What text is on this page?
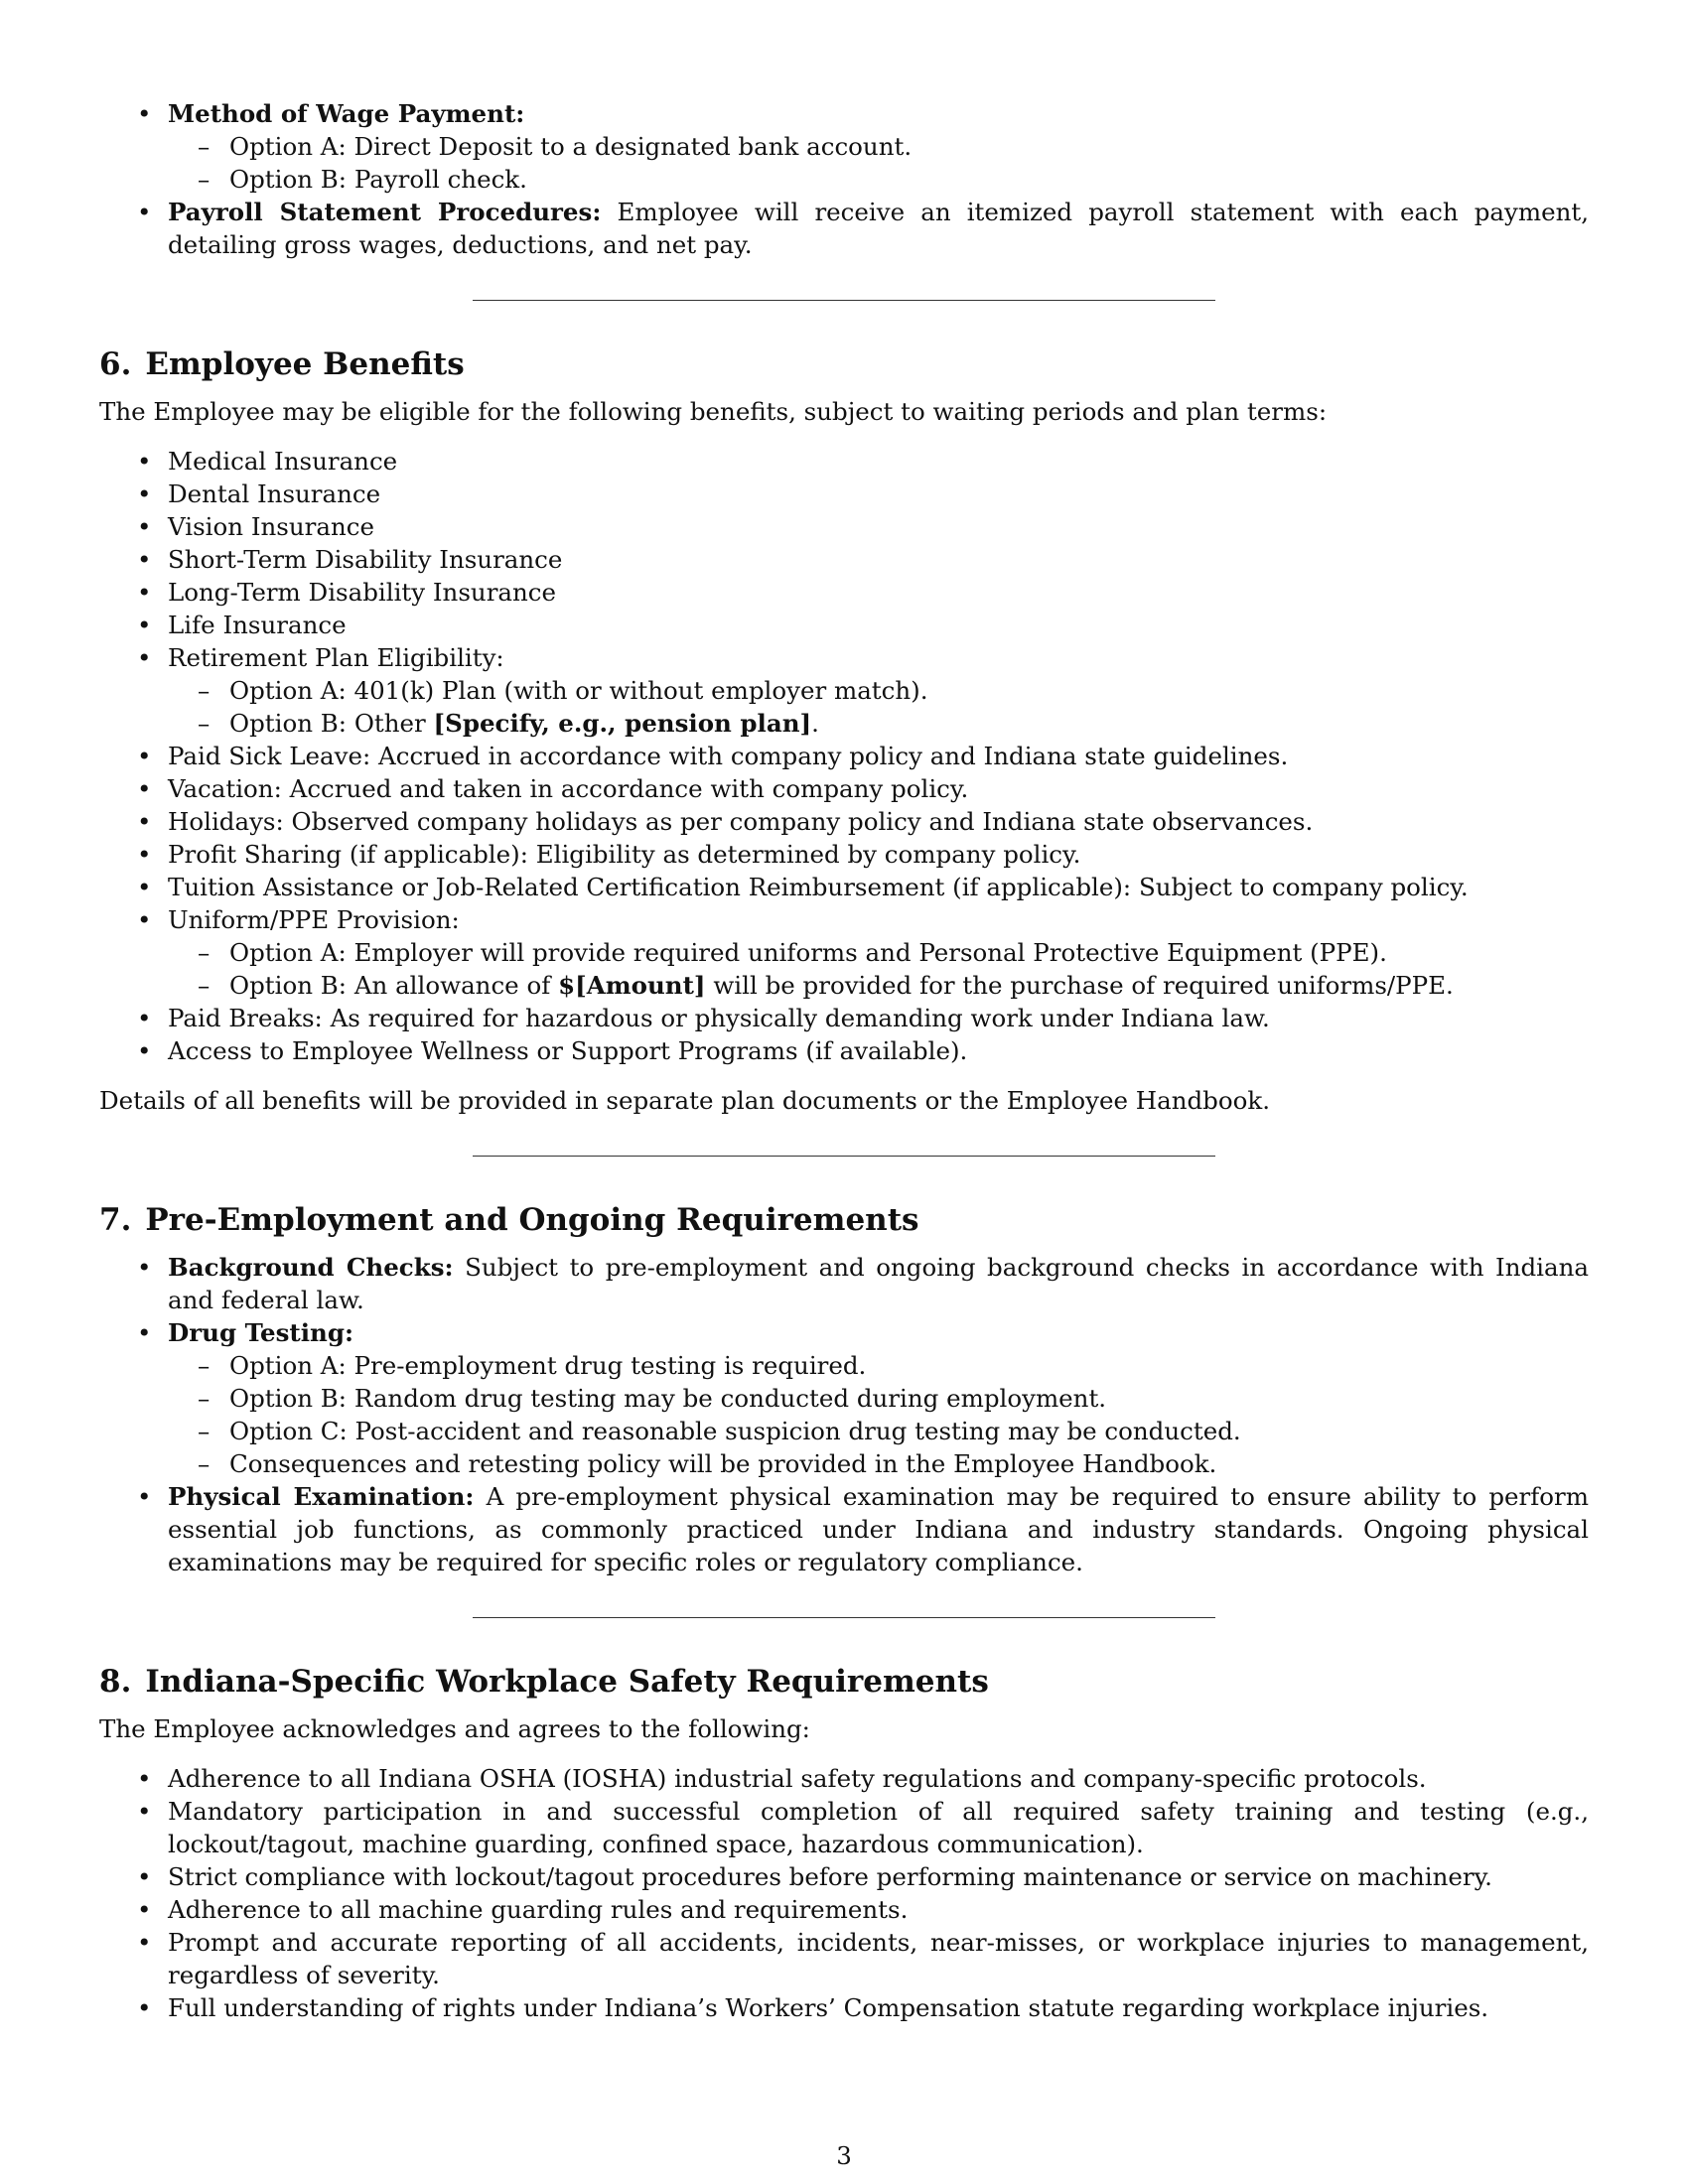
• Method of Wage Payment:
– Option A: Direct Deposit to a designated bank account.
– Option B: Payroll check.
• Payroll Statement Procedures: Employee will receive an itemized payroll statement with each payment, detailing gross wages, deductions, and net pay.
6. Employee Benefits

The Employee may be eligible for the following benefits, subject to waiting periods and plan terms:

• Medical Insurance
• Dental Insurance
• Vision Insurance
• Short-Term Disability Insurance
• Long-Term Disability Insurance
• Life Insurance
• Retirement Plan Eligibility:
– Option A: 401(k) Plan (with or without employer match).
– Option B: Other [Specify, e.g., pension plan].
• Paid Sick Leave: Accrued in accordance with company policy and Indiana state guidelines.
• Vacation: Accrued and taken in accordance with company policy.
• Holidays: Observed company holidays as per company policy and Indiana state observances.
• Profit Sharing (if applicable): Eligibility as determined by company policy.
• Tuition Assistance or Job-Related Certification Reimbursement (if applicable): Subject to company policy.
• Uniform/PPE Provision:
– Option A: Employer will provide required uniforms and Personal Protective Equipment (PPE).
– Option B: An allowance of $[Amount] will be provided for the purchase of required uniforms/PPE.
• Paid Breaks: As required for hazardous or physically demanding work under Indiana law.
• Access to Employee Wellness or Support Programs (if available).

Details of all benefits will be provided in separate plan documents or the Employee Handbook.

7. Pre-Employment and Ongoing Requirements
• Background Checks: Subject to pre-employment and ongoing background checks in accordance with Indiana and federal law.
• Drug Testing:
– Option A: Pre-employment drug testing is required.
– Option B: Random drug testing may be conducted during employment.
– Option C: Post-accident and reasonable suspicion drug testing may be conducted.
– Consequences and retesting policy will be provided in the Employee Handbook.
• Physical Examination: A pre-employment physical examination may be required to ensure ability to perform essential job functions, as commonly practiced under Indiana and industry standards. Ongoing physical examinations may be required for specific roles or regulatory compliance.
8. Indiana-Specific Workplace Safety Requirements

The Employee acknowledges and agrees to the following:

• Adherence to all Indiana OSHA (IOSHA) industrial safety regulations and company-specific protocols.
• Mandatory participation in and successful completion of all required safety training and testing (e.g., lockout/tagout, machine guarding, confined space, hazardous communication).
• Strict compliance with lockout/tagout procedures before performing maintenance or service on machinery.
• Adherence to all machine guarding rules and requirements.
• Prompt and accurate reporting of all accidents, incidents, near-misses, or workplace injuries to management, regardless of severity.
• Full understanding of rights under Indiana’s Workers’ Compensation statute regarding workplace injuries.
3
